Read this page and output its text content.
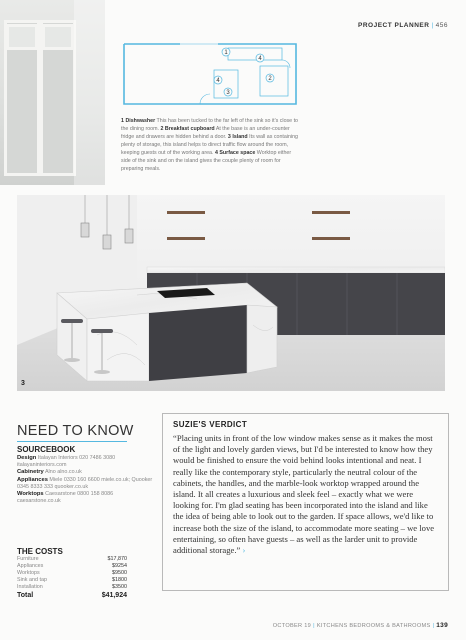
PROJECT PLANNER | 456
1
2
3
4
4
1 Dishwasher This has been tucked to the far left of the sink so it's close to the dining room. 2 Breakfast cupboard At the base is an under-counter fridge and drawers are hidden behind a door. 3 Island Its wall as containing plenty of storage, this island helps to direct traffic flow around the room, keeping guests out of the working area. 4 Surface space Worktop either side of the sink and on the island gives the couple plenty of room for preparing meals.
3
NEED TO KNOW
SOURCEBOOK
Design Italayan Interiors 020 7486 3080 italayaninteriors.com
Cabinetry Alno alno.co.uk
Appliances Miele 0330 160 6600 miele.co.uk; Quooker 0345 8333 333 quooker.co.uk
Worktops Caesarstone 0800 158 8086 caesarstone.co.uk
THE COSTS
Furniture	$17,870
Appliances	$9254
Worktops	$9500
Sink and tap	$1800
Installation	$3500
Total	$41,924
SUZIE'S VERDICT
“Placing units in front of the low window makes sense as it makes the most of the light and lovely garden views, but I'd be interested to know how they would be finished to ensure the void behind looks intentional and neat. I really like the contemporary style, particularly the neutral colour of the cabinets, the handles, and the marble-look worktop wrapped around the island. It all creates a luxurious and sleek feel – exactly what we were looking for. I'm glad seating has been incorporated into the island and like the idea of being able to look out to the garden. If space allows, we'd like to increase both the size of the island, to accommodate more seating – we love entertaining, so often have guests – as well as the larder unit to provide additional storage.” ›
OCTOBER 19 | KITCHENS BEDROOMS & BATHROOMS | 139
